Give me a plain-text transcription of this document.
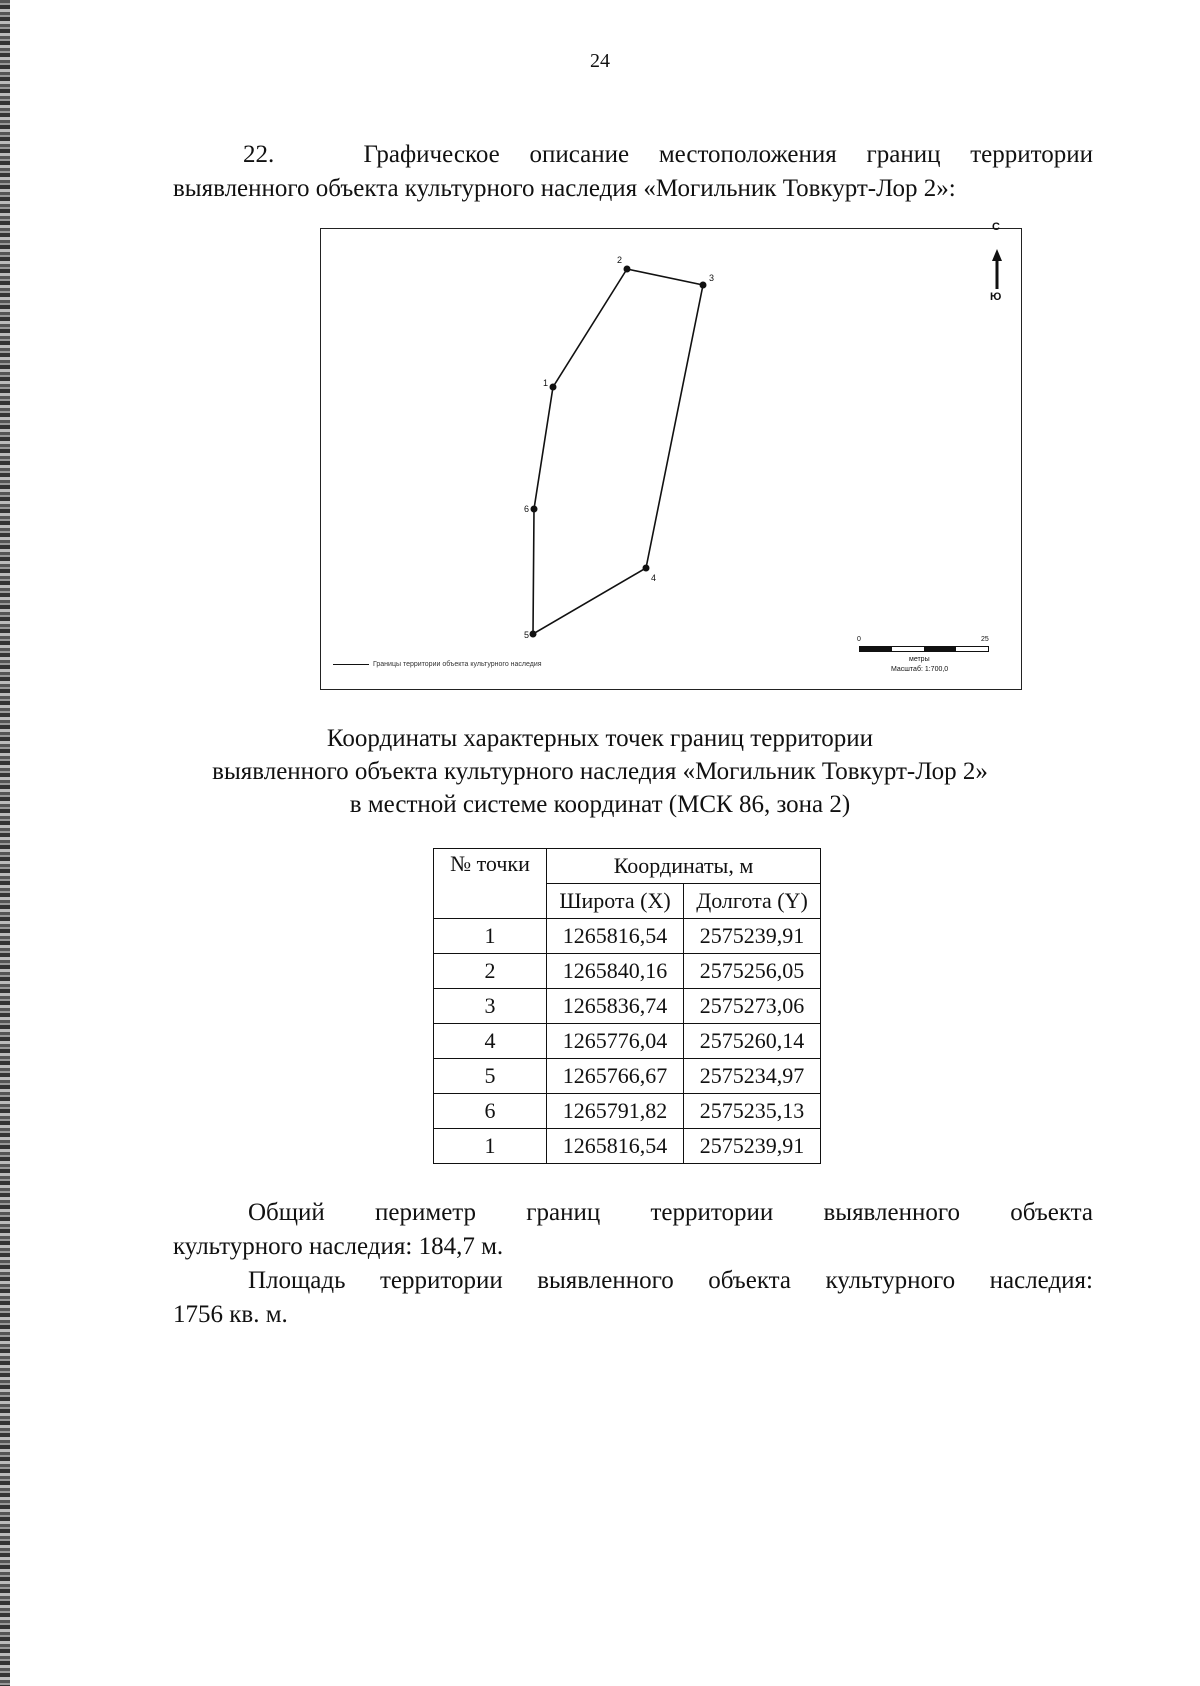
24

22.	Графическое описание местоположения границ территории

выявленного объекта культурного наследия «Могильник Товкурт-Лор 2»:

1
2
3
4
5
6
С
Ю
Границы территории объекта культурного наследия
0	25
метры
Масштаб: 1:700,0
Координаты характерных точек границ территории
выявленного объекта культурного наследия «Могильник Товкурт-Лор 2»
в местной системе координат (МСК 86, зона 2)
№ точки	Координаты, м	
	Широта (X)	Долгота (Y)
1	1265816,54	2575239,91
2	1265840,16	2575256,05
3	1265836,74	2575273,06
4	1265776,04	2575260,14
5	1265766,67	2575234,97
6	1265791,82	2575235,13
1	1265816,54	2575239,91

Общий периметр границ территории выявленного объекта

культурного наследия: 184,7 м.

Площадь территории выявленного объекта культурного наследия:

1756 кв. м.
